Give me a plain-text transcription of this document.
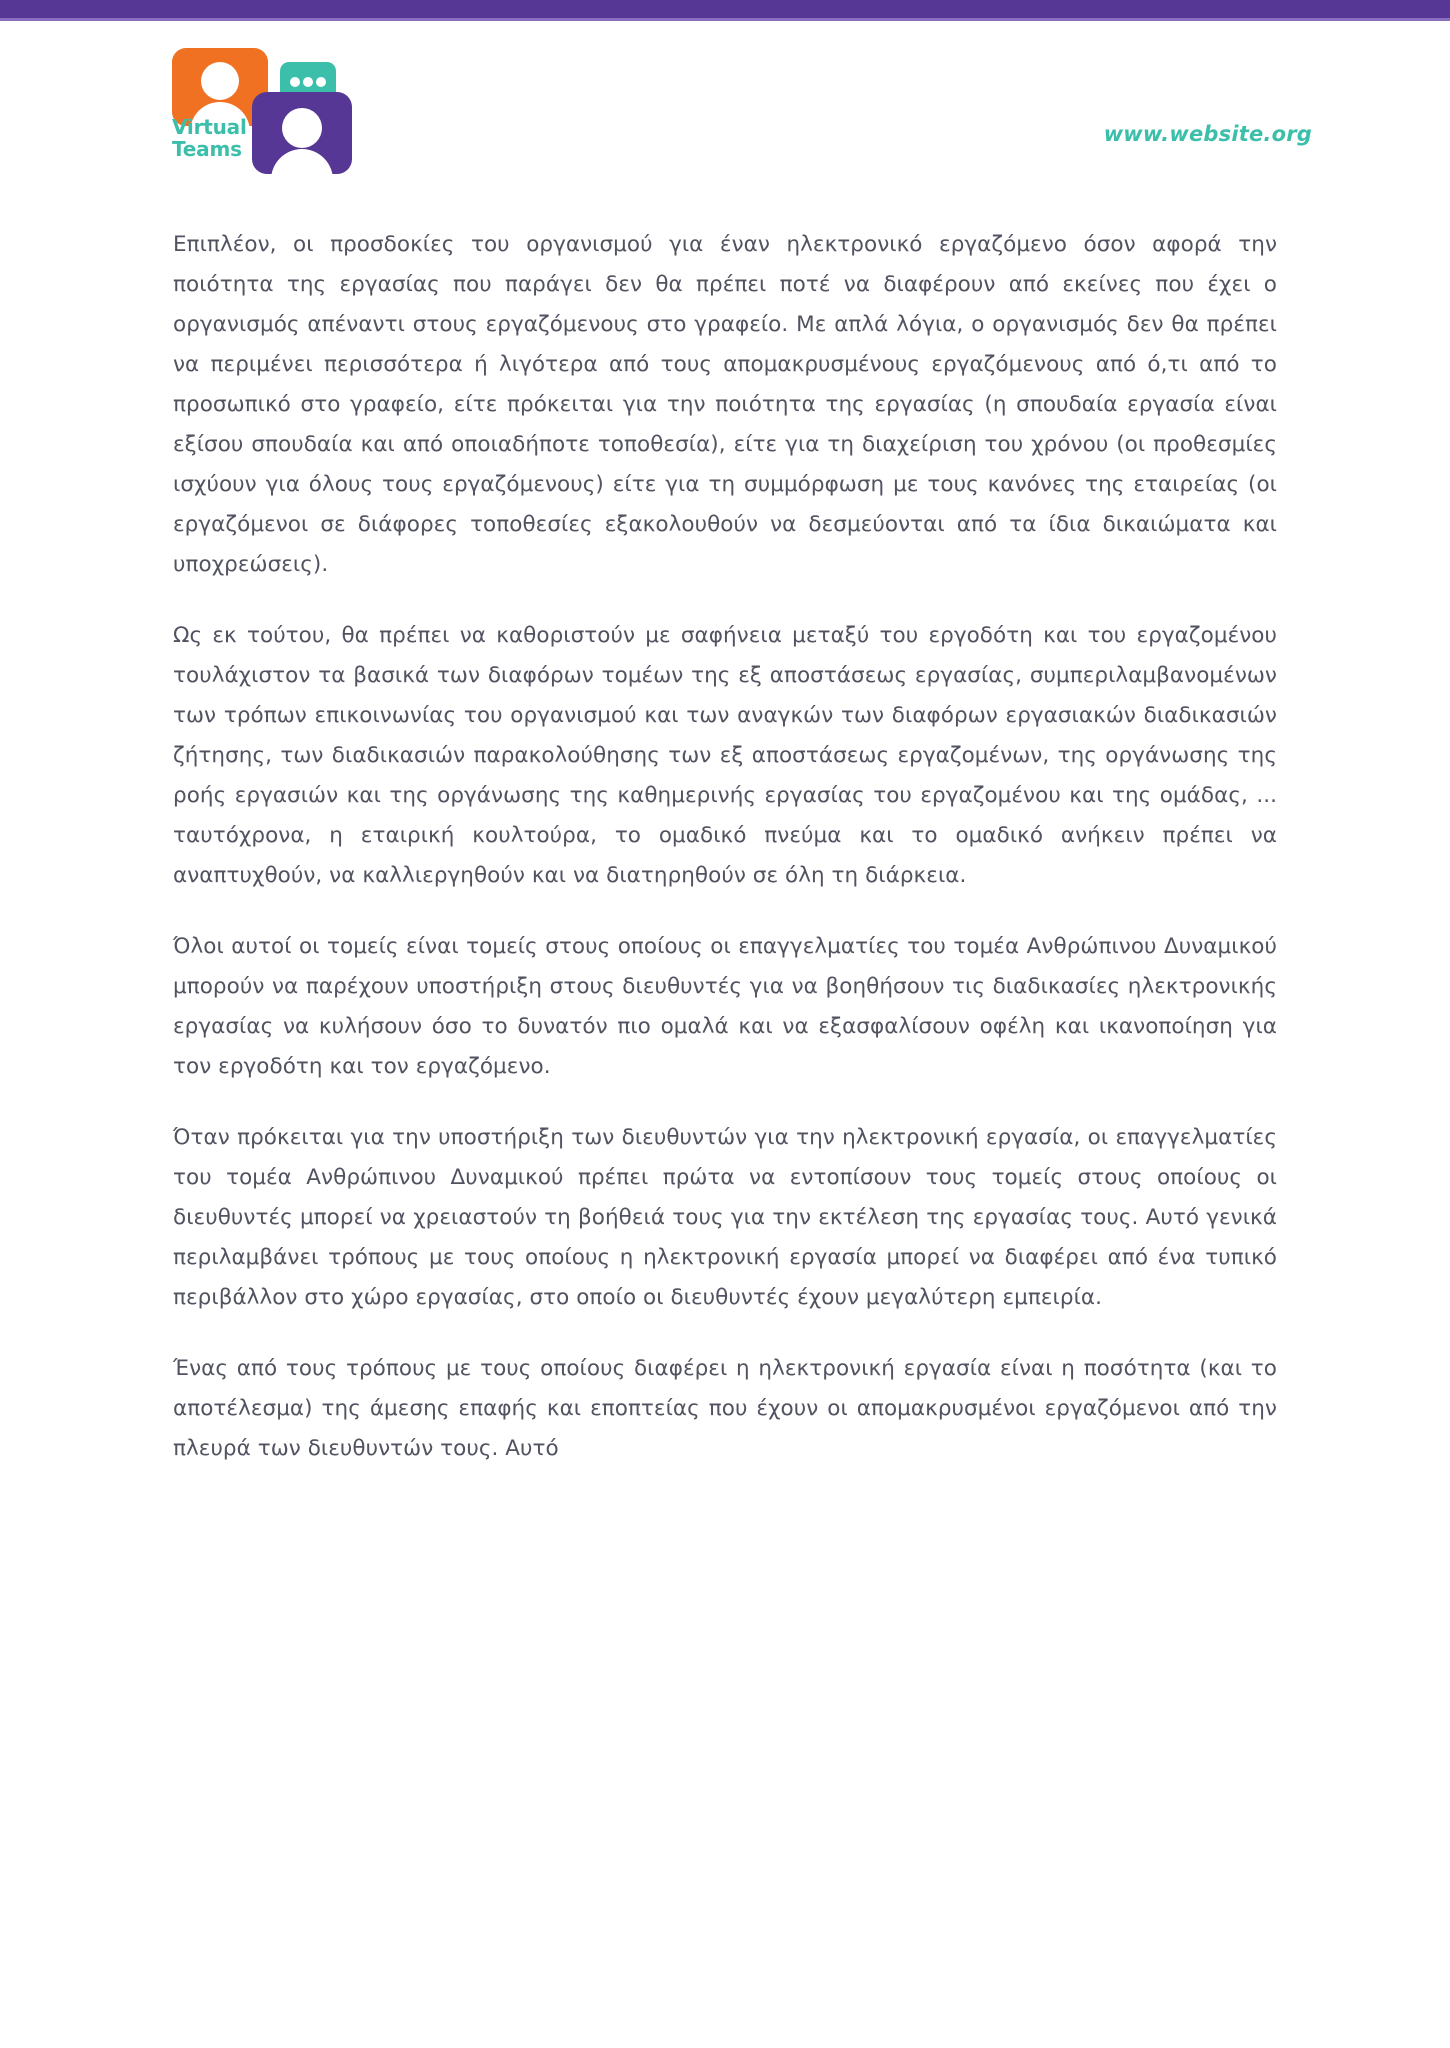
Virtual
Teams
www.website.org

Επιπλέον, οι προσδοκίες του οργανισμού για έναν ηλεκτρονικό εργαζόμενο όσον αφορά την ποιότητα της εργασίας που παράγει δεν θα πρέπει ποτέ να διαφέρουν από εκείνες που έχει ο οργανισμός απέναντι στους εργαζόμενους στο γραφείο. Με απλά λόγια, ο οργανισμός δεν θα πρέπει να περιμένει περισσότερα ή λιγότερα από τους απομακρυσμένους εργαζόμενους από ό,τι από το προσωπικό στο γραφείο, είτε πρόκειται για την ποιότητα της εργασίας (η σπουδαία εργασία είναι εξίσου σπουδαία και από οποιαδήποτε τοποθεσία), είτε για τη διαχείριση του χρόνου (οι προθεσμίες ισχύουν για όλους τους εργαζόμενους) είτε για τη συμμόρφωση με τους κανόνες της εταιρείας (οι εργαζόμενοι σε διάφορες τοποθεσίες εξακολουθούν να δεσμεύονται από τα ίδια δικαιώματα και υποχρεώσεις).

Ως εκ τούτου, θα πρέπει να καθοριστούν με σαφήνεια μεταξύ του εργοδότη και του εργαζομένου τουλάχιστον τα βασικά των διαφόρων τομέων της εξ αποστάσεως εργασίας, συμπεριλαμβανομένων των τρόπων επικοινωνίας του οργανισμού και των αναγκών των διαφόρων εργασιακών διαδικασιών ζήτησης, των διαδικασιών παρακολούθησης των εξ αποστάσεως εργαζομένων, της οργάνωσης της ροής εργασιών και της οργάνωσης της καθημερινής εργασίας του εργαζομένου και της ομάδας, ... ταυτόχρονα, η εταιρική κουλτούρα, το ομαδικό πνεύμα και το ομαδικό ανήκειν πρέπει να αναπτυχθούν, να καλλιεργηθούν και να διατηρηθούν σε όλη τη διάρκεια.

Όλοι αυτοί οι τομείς είναι τομείς στους οποίους οι επαγγελματίες του τομέα Ανθρώπινου Δυναμικού μπορούν να παρέχουν υποστήριξη στους διευθυντές για να βοηθήσουν τις διαδικασίες ηλεκτρονικής εργασίας να κυλήσουν όσο το δυνατόν πιο ομαλά και να εξασφαλίσουν οφέλη και ικανοποίηση για τον εργοδότη και τον εργαζόμενο.

Όταν πρόκειται για την υποστήριξη των διευθυντών για την ηλεκτρονική εργασία, οι επαγγελματίες του τομέα Ανθρώπινου Δυναμικού πρέπει πρώτα να εντοπίσουν τους τομείς στους οποίους οι διευθυντές μπορεί να χρειαστούν τη βοήθειά τους για την εκτέλεση της εργασίας τους. Αυτό γενικά περιλαμβάνει τρόπους με τους οποίους η ηλεκτρονική εργασία μπορεί να διαφέρει από ένα τυπικό περιβάλλον στο χώρο εργασίας, στο οποίο οι διευθυντές έχουν μεγαλύτερη εμπειρία.

Ένας από τους τρόπους με τους οποίους διαφέρει η ηλεκτρονική εργασία είναι η ποσότητα (και το αποτέλεσμα) της άμεσης επαφής και εποπτείας που έχουν οι απομακρυσμένοι εργαζόμενοι από την πλευρά των διευθυντών τους. Αυτό
